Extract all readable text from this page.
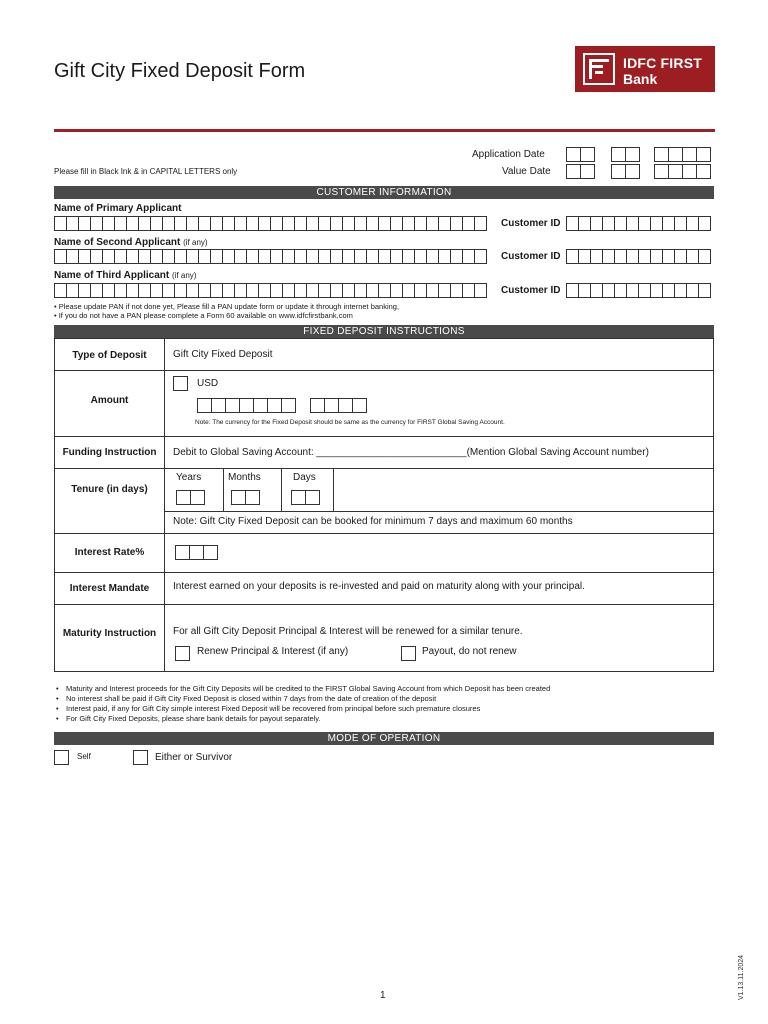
Gift City Fixed Deposit Form	IDFC FIRST
Bank
Application Date
Please fill in Black Ink & in CAPITAL LETTERS only	Value Date
CUSTOMER INFORMATION
Name of Primary Applicant
Customer ID
Name of Second Applicant (if any)
Customer ID
Name of Third Applicant (if any)
Customer ID
• Please update PAN if not done yet, Please fill a PAN update form or update it through internet banking,
• If you do not have a PAN please complete a Form 60 available on www.idfcfirstbank.com
FIXED DEPOSIT INSTRUCTIONS
Type of Deposit	Gift City Fixed Deposit
Amount
USD
Note: The currency for the Fixed Deposit should be same as the currency for FIRST Global Saving Account.
Funding Instruction	Debit to Global Saving Account: ___________________________(Mention Global Saving Account number)
Tenure (in days)
Years	Months	Days
Note: Gift City Fixed Deposit can be booked for minimum 7 days and maximum 60 months
Interest Rate%
Interest Mandate	Interest earned on your deposits is re-invested and paid on maturity along with your principal.
Maturity Instruction	For all Gift City Deposit Principal & Interest will be renewed for a similar tenure.
Renew Principal & Interest (if any)	Payout, do not renew
• Maturity and Interest proceeds for the Gift City Deposits will be credited to the FIRST Global Saving Account from which Deposit has been created
• No interest shall be paid if Gift City Fixed Deposit is closed within 7 days from the date of creation of the deposit
• Interest paid, if any for Gift City simple interest Fixed Deposit will be recovered from principal before such premature closures
• For Gift City Fixed Deposits, please share bank details for payout separately.
MODE OF OPERATION
Self	Either or Survivor
1	V1.13.11.2024
